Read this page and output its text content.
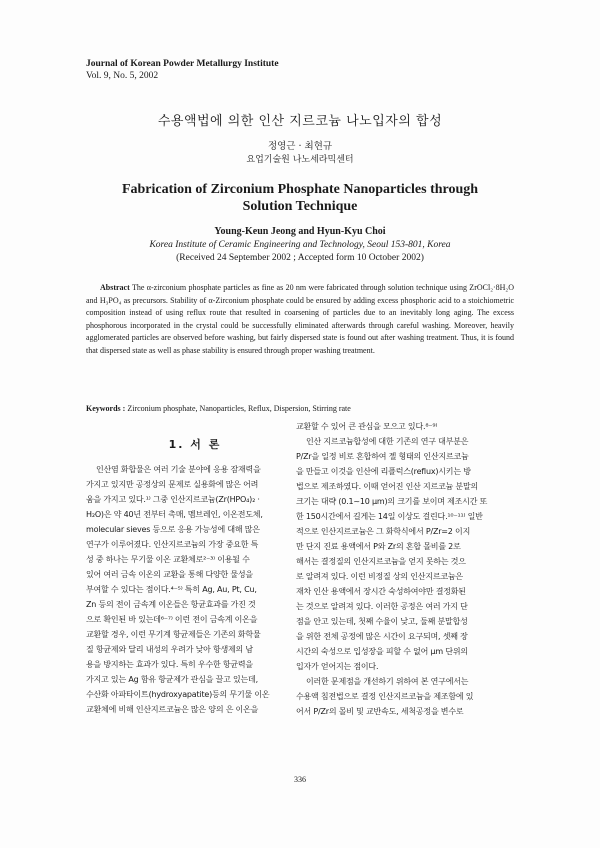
Journal of Korean Powder Metallurgy Institute
Vol. 9, No. 5, 2002
수용액법에 의한 인산 지르코늄 나노입자의 합성
정영근 · 최현규
요업기술원 나노세라믹센터
Fabrication of Zirconium Phosphate Nanoparticles through
Solution Technique
Young-Keun Jeong and Hyun-Kyu Choi
Korea Institute of Ceramic Engineering and Technology, Seoul 153-801, Korea
(Received 24 September 2002 ; Accepted form 10 October 2002)
Abstract The α-zirconium phosphate particles as fine as 20 nm were fabricated through solution technique using ZrOCl₂·8H₂O and H₃PO₄ as precursors. Stability of α-Zirconium phosphate could be ensured by adding excess phosphoric acid to a stoichiometric composition instead of using reflux route that resulted in coarsening of particles due to an inevitably long aging. The excess phosphorous incorporated in the crystal could be successfully eliminated afterwards through careful washing. Moreover, heavily agglomerated particles are observed before washing, but fairly dispersed state is found out after washing treatment. Thus, it is found that dispersed state as well as phase stability is ensured through proper washing treatment.
Keywords : Zirconium phosphate, Nanoparticles, Reflux, Dispersion, Stirring rate
1. 서 론
인산염 화합물은 여러 기술 분야에 응용 잠재력을
가지고 있지만 공정상의 문제로 실용화에 많은 어려
움을 가지고 있다.¹⁾ 그중 인산지르코늄(Zr(HPO₄)₂ ·
H₂O)은 약 40년 전부터 촉매, 멤브레인, 이온전도체,
molecular sieves 등으로 응용 가능성에 대해 많은
연구가 이루어졌다. 인산지르코늄의 가장 중요한 특
성 중 하나는 무기물 이온 교환체로²⁻³⁾ 이용될 수
있어 여러 금속 이온의 교환을 통해 다양한 물성을
부여할 수 있다는 점이다.⁴⁻⁵⁾ 특히 Ag, Au, Pt, Cu,
Zn 등의 전이 금속계 이온들은 항균효과를 가진 것
으로 확인된 바 있는데⁶⁻⁷⁾ 이런 전이 금속계 이온을
교환할 경우, 이런 무기계 항균제들은 기존의 화학물
질 항균제와 달리 내성의 우려가 낮아 항생제의 남
용을 방지하는 효과가 있다. 특히 우수한 항균력을
가지고 있는 Ag 함유 항균제가 관심을 끌고 있는데,
수산화 아파타이트(hydroxyapatite)등의 무기물 이온
교환체에 비해 인산지르코늄은 많은 양의 은 이온을
교환할 수 있어 큰 관심을 모으고 있다.⁸⁻⁹⁾
인산 지르코늄합성에 대한 기존의 연구 대부분은
P/Zr을 일정 비로 혼합하여 젤 형태의 인산지르코늄
을 만들고 이것을 인산에 리플럭스(reflux)시키는 방
법으로 제조하였다. 이때 얻어진 인산 지르코늄 분말의
크기는 대략 (0.1~10 μm)의 크기를 보이며 제조시간 또
한 150시간에서 길게는 14일 이상도 걸린다.¹⁰⁻¹¹⁾ 일반
적으로 인산지르코늄은 그 화학식에서 P/Zr=2 이지
만 단지 진료 용액에서 P와 Zr의 혼합 몰비를 2로
해서는 결정질의 인산지르코늄을 얻지 못하는 것으
로 알려져 있다. 이런 비정질 상의 인산지르코늄은
재차 인산 용액에서 장시간 숙성하여야만 결정화된
는 것으로 알려져 있다. 이러한 공정은 여러 가지 단
점을 안고 있는데, 첫째 수율이 낮고, 둘째 분말합성
을 위한 전체 공정에 많은 시간이 요구되며, 셋째 장
시간의 숙성으로 입성장을 피할 수 없어 μm 단위의
입자가 얻어지는 점이다.
이러한 문제점을 개선하기 위하여 본 연구에서는
수용액 침전법으로 결정 인산지르코늄을 제조함에 있
어서 P/Zr의 몰비 및 교반속도, 세척공정을 변수로
336
